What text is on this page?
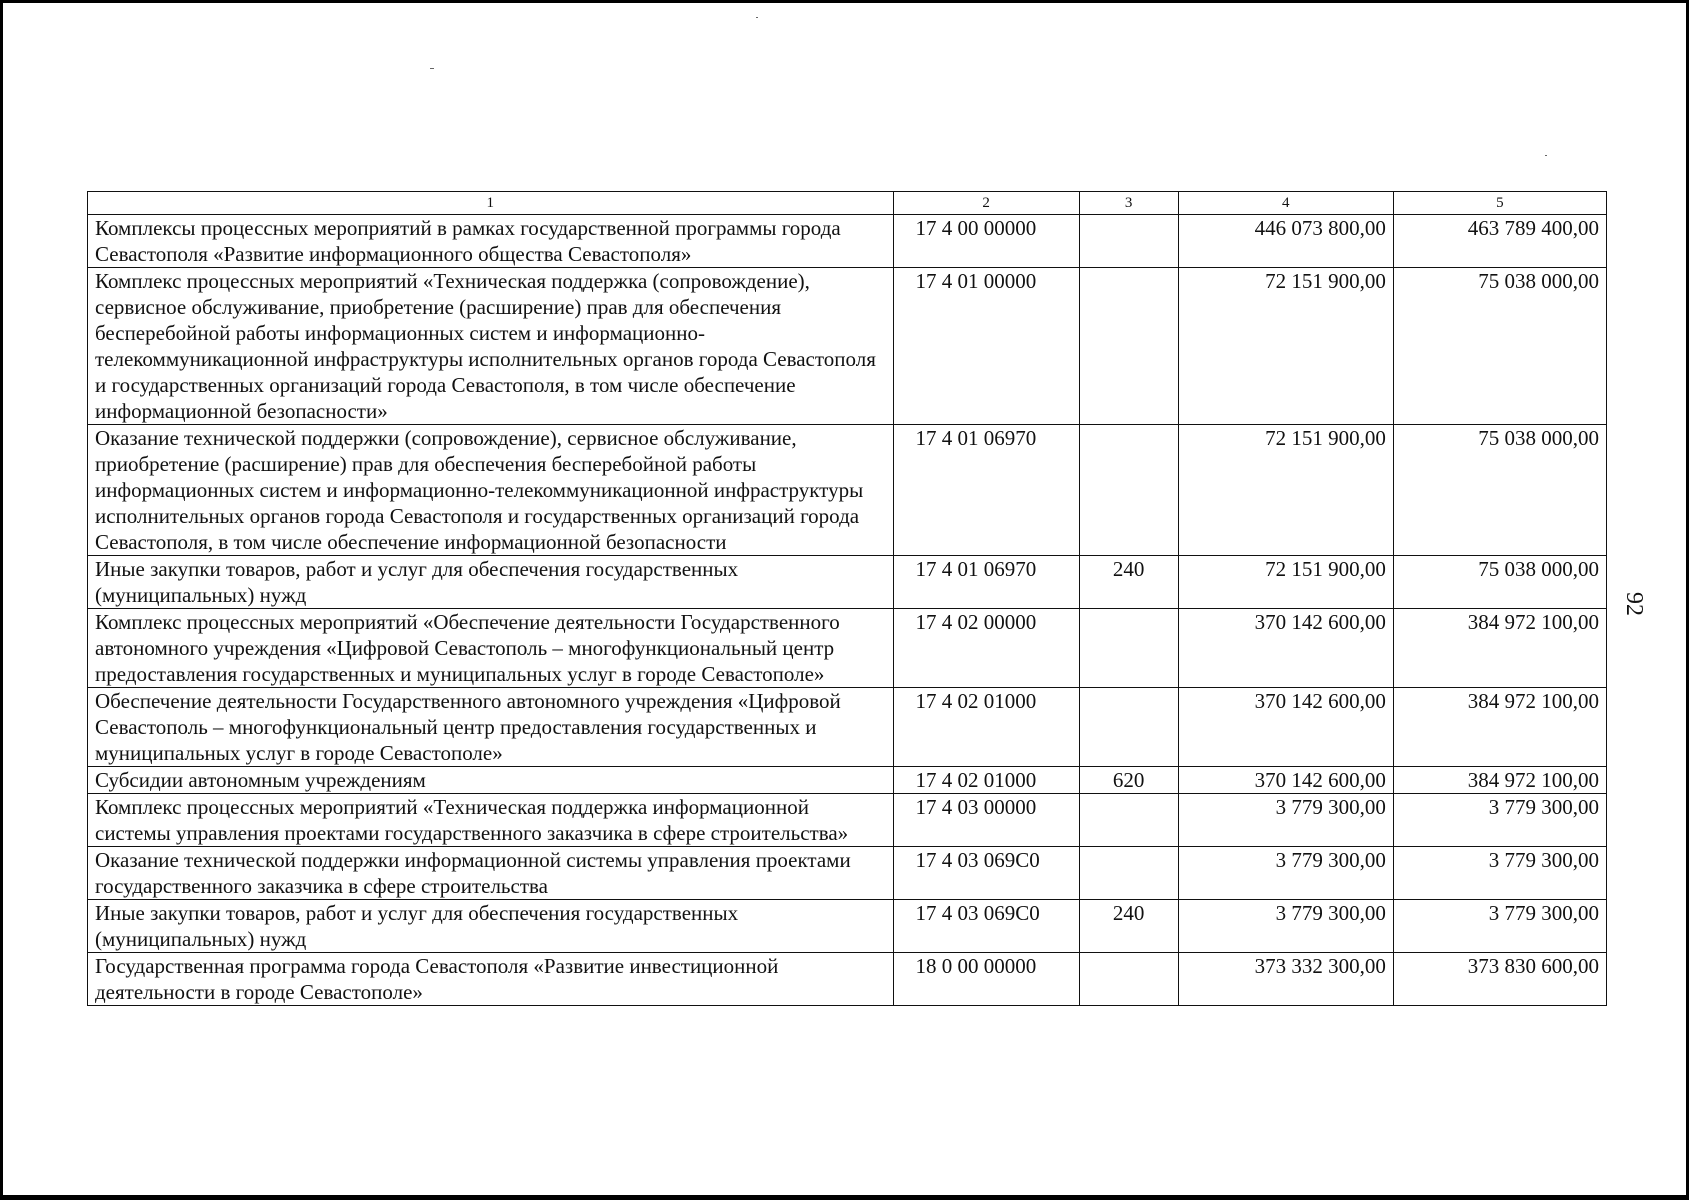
92
1	2	3	4	5
Комплексы процессных мероприятий в рамках государственной программы города Севастополя «Развитие информационного общества Севастополя»	17 4 00 00000		446 073 800,00	463 789 400,00
Комплекс процессных мероприятий «Техническая поддержка (сопровождение), сервисное обслуживание, приобретение (расширение) прав для обеспечения бесперебойной работы информационных систем и информационно-телекоммуникационной инфраструктуры исполнительных органов города Севастополя и государственных организаций города Севастополя, в том числе обеспечение информационной безопасности»	17 4 01 00000		72 151 900,00	75 038 000,00
Оказание технической поддержки (сопровождение), сервисное обслуживание, приобретение (расширение) прав для обеспечения бесперебойной работы информационных систем и информационно-телекоммуникационной инфраструктуры исполнительных органов города Севастополя и государственных организаций города Севастополя, в том числе обеспечение информационной безопасности	17 4 01 06970		72 151 900,00	75 038 000,00
Иные закупки товаров, работ и услуг для обеспечения государственных (муниципальных) нужд	17 4 01 06970	240	72 151 900,00	75 038 000,00
Комплекс процессных мероприятий «Обеспечение деятельности Государственного автономного учреждения «Цифровой Севастополь – многофункциональный центр предоставления государственных и муниципальных услуг в городе Севастополе»	17 4 02 00000		370 142 600,00	384 972 100,00
Обеспечение деятельности Государственного автономного учреждения «Цифровой Севастополь – многофункциональный центр предоставления государственных и муниципальных услуг в городе Севастополе»	17 4 02 01000		370 142 600,00	384 972 100,00
Субсидии автономным учреждениям	17 4 02 01000	620	370 142 600,00	384 972 100,00
Комплекс процессных мероприятий «Техническая поддержка информационной системы управления проектами государственного заказчика в сфере строительства»	17 4 03 00000		3 779 300,00	3 779 300,00
Оказание технической поддержки информационной системы управления проектами государственного заказчика в сфере строительства	17 4 03 069С0		3 779 300,00	3 779 300,00
Иные закупки товаров, работ и услуг для обеспечения государственных (муниципальных) нужд	17 4 03 069С0	240	3 779 300,00	3 779 300,00
Государственная программа города Севастополя «Развитие инвестиционной деятельности в городе Севастополе»	18 0 00 00000		373 332 300,00	373 830 600,00
